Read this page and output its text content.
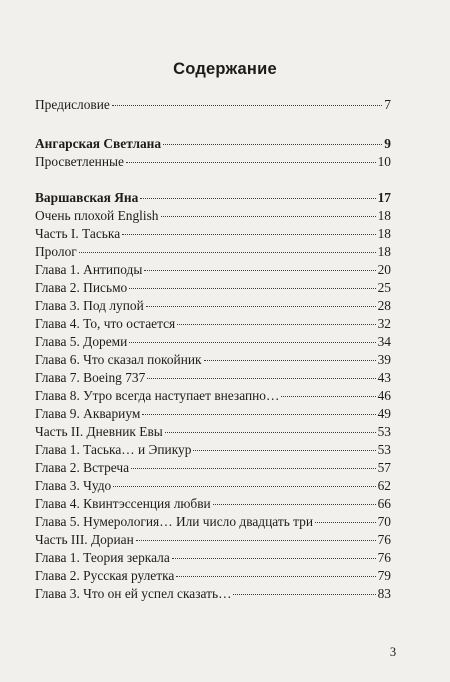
Содержание
Предисловие	7
Ангарская Светлана	9
Просветленные	10
Варшавская Яна	17
Очень плохой English	18
Часть I. Таська	18
Пролог	18
Глава 1. Антиподы	20
Глава 2. Письмо	25
Глава 3. Под лупой	28
Глава 4. То, что остается	32
Глава 5. Дореми	34
Глава 6. Что сказал покойник	39
Глава 7. Boeing 737	43
Глава 8. Утро всегда наступает внезапно…	46
Глава 9. Аквариум	49
Часть II. Дневник Евы	53
Глава 1. Таська… и Эпикур	53
Глава 2. Встреча	57
Глава 3. Чудо	62
Глава 4. Квинтэссенция любви	66
Глава 5. Нумерология… Или число двадцать три	70
Часть III. Дориан	76
Глава 1. Теория зеркала	76
Глава 2. Русская рулетка	79
Глава 3. Что он ей успел сказать…	83
3
